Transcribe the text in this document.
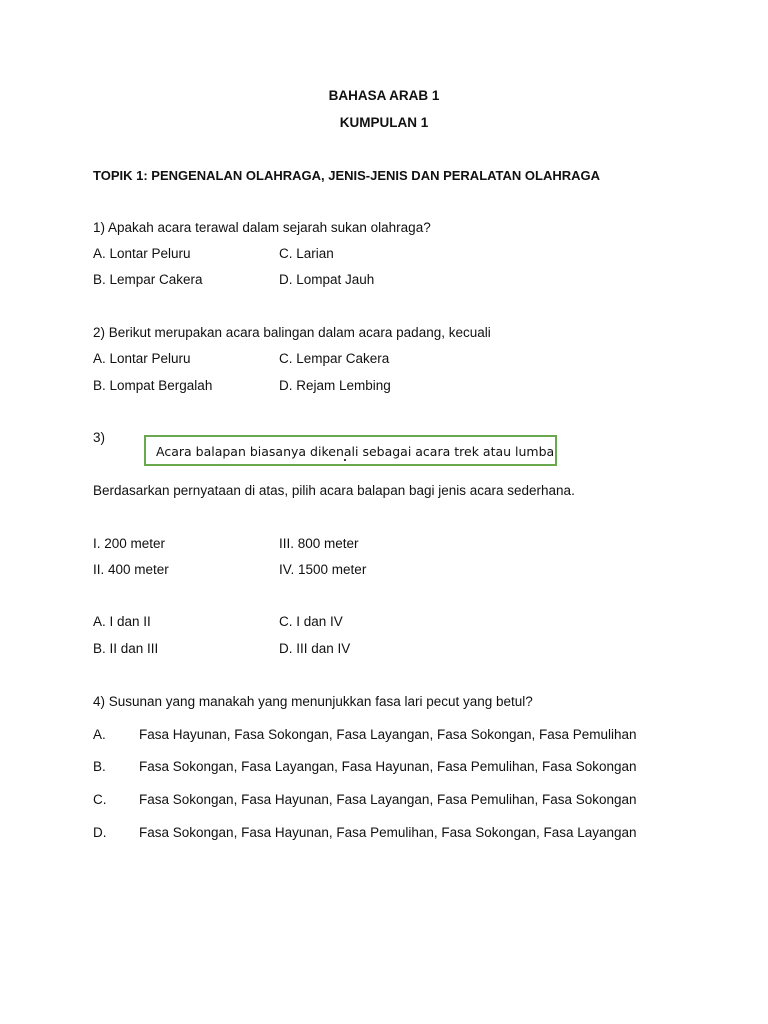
BAHASA ARAB 1
KUMPULAN 1
TOPIK 1: PENGENALAN OLAHRAGA, JENIS-JENIS DAN PERALATAN OLAHRAGA
1) Apakah acara terawal dalam sejarah sukan olahraga?
A. Lontar Peluru	C. Larian
B. Lempar Cakera	D. Lompat Jauh
2) Berikut merupakan acara balingan dalam acara padang, kecuali
A. Lontar Peluru	C. Lempar Cakera
B. Lompat Bergalah	D. Rejam Lembing
3)
Acara balapan biasanya dikenali sebagai acara trek atau lumba
Berdasarkan pernyataan di atas, pilih acara balapan bagi jenis acara sederhana.
I. 200 meter	III. 800 meter
II. 400 meter	IV. 1500 meter
A. I dan II	C. I dan IV
B. II dan III	D. III dan IV
4) Susunan yang manakah yang menunjukkan fasa lari pecut yang betul?
A. Fasa Hayunan, Fasa Sokongan, Fasa Layangan, Fasa Sokongan, Fasa Pemulihan
B. Fasa Sokongan, Fasa Layangan, Fasa Hayunan, Fasa Pemulihan, Fasa Sokongan
C. Fasa Sokongan, Fasa Hayunan, Fasa Layangan, Fasa Pemulihan, Fasa Sokongan
D. Fasa Sokongan, Fasa Hayunan, Fasa Pemulihan, Fasa Sokongan, Fasa Layangan
